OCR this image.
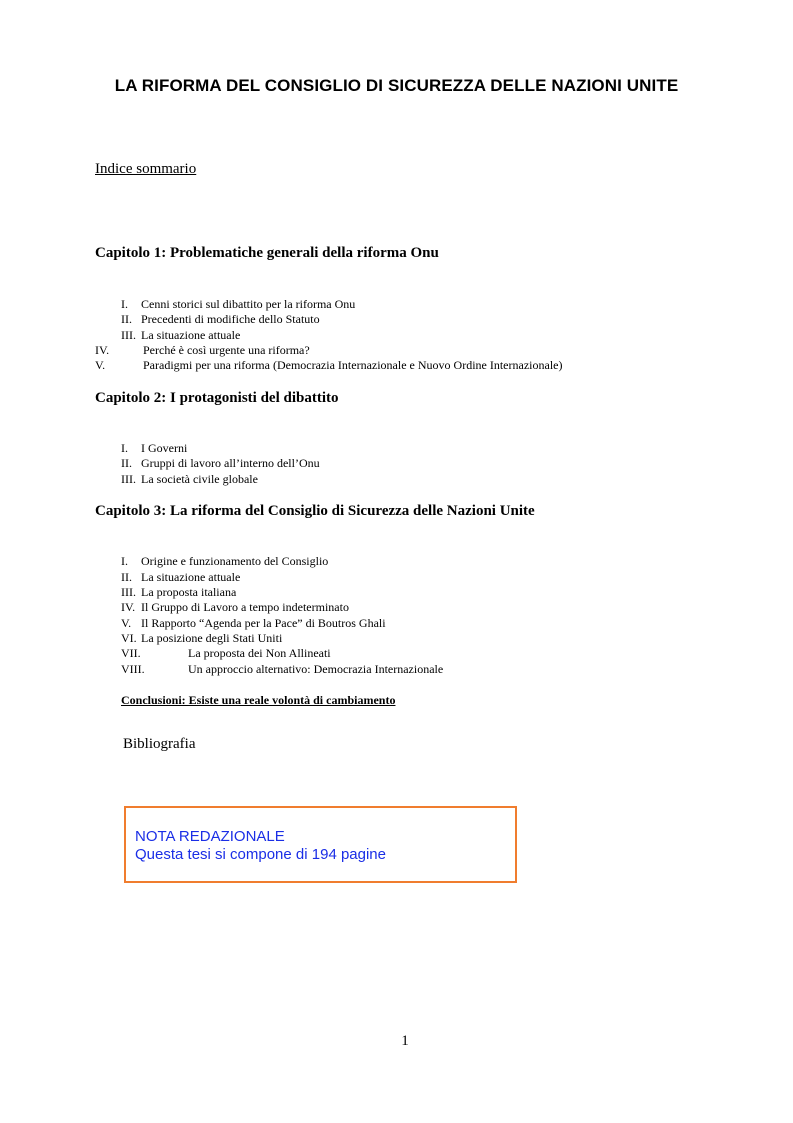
LA RIFORMA DEL CONSIGLIO DI SICUREZZA DELLE NAZIONI UNITE
Indice sommario
Capitolo 1: Problematiche generali della riforma Onu
I. Cenni storici sul dibattito per la riforma Onu
II. Precedenti di modifiche dello Statuto
III. La situazione attuale
IV.	Perché è così urgente una riforma?
V.	Paradigmi per una riforma (Democrazia Internazionale e Nuovo Ordine Internazionale)
Capitolo 2: I protagonisti del dibattito
I. I Governi
II. Gruppi di lavoro all’interno dell’Onu
III. La società civile globale
Capitolo 3: La riforma del Consiglio di Sicurezza delle Nazioni Unite
I. Origine e funzionamento del Consiglio
II. La situazione attuale
III. La proposta italiana
IV. Il Gruppo di Lavoro a tempo indeterminato
V. Il Rapporto “Agenda per la Pace” di Boutros Ghali
VI. La posizione degli Stati Uniti
VII.	La proposta dei Non Allineati
VIII.	Un approccio alternativo: Democrazia Internazionale
Conclusioni: Esiste una reale volontà di cambiamento
Bibliografia
NOTA REDAZIONALE
Questa tesi si compone di 194 pagine
1
